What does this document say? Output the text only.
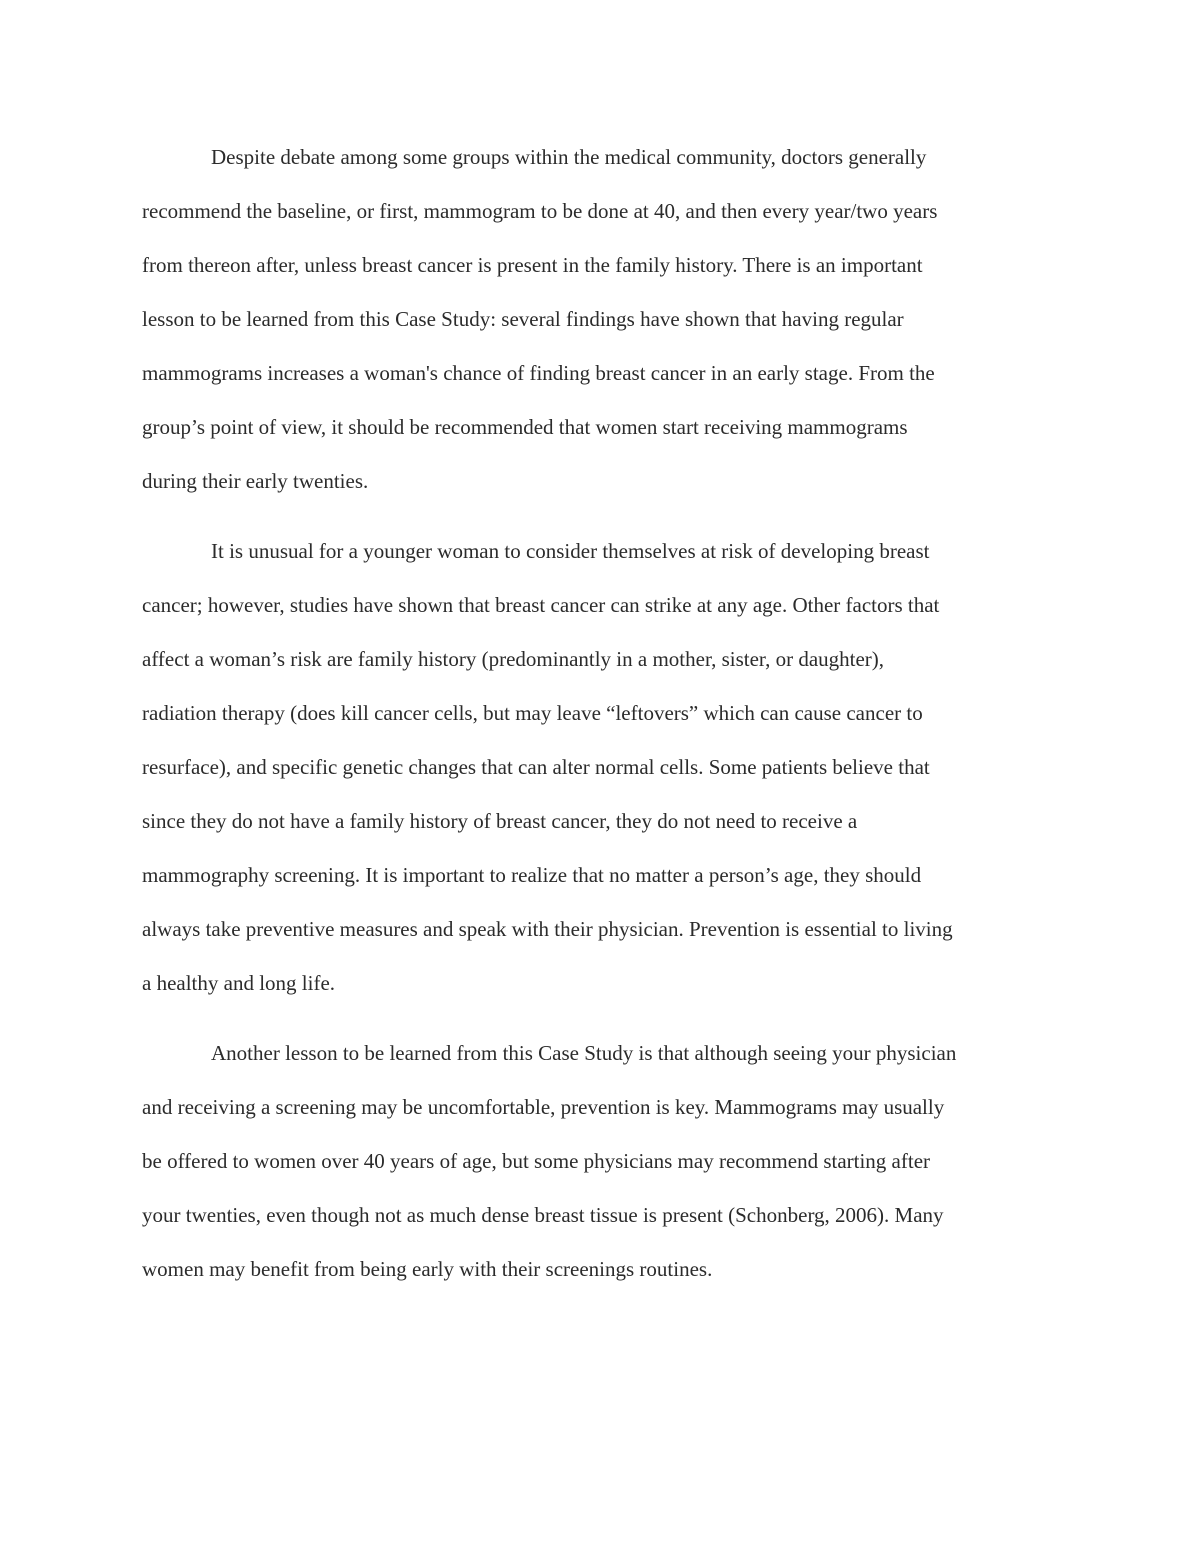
Despite debate among some groups within the medical community, doctors generally
recommend the baseline, or first, mammogram to be done at 40, and then every year/two years
from thereon after, unless breast cancer is present in the family history. There is an important
lesson to be learned from this Case Study: several findings have shown that having regular
mammograms increases a woman's chance of finding breast cancer in an early stage. From the
group’s point of view, it should be recommended that women start receiving mammograms
during their early twenties.
It is unusual for a younger woman to consider themselves at risk of developing breast
cancer; however, studies have shown that breast cancer can strike at any age. Other factors that
affect a woman’s risk are family history (predominantly in a mother, sister, or daughter),
radiation therapy (does kill cancer cells, but may leave “leftovers” which can cause cancer to
resurface), and specific genetic changes that can alter normal cells. Some patients believe that
since they do not have a family history of breast cancer, they do not need to receive a
mammography screening. It is important to realize that no matter a person’s age, they should
always take preventive measures and speak with their physician. Prevention is essential to living
a healthy and long life.
Another lesson to be learned from this Case Study is that although seeing your physician
and receiving a screening may be uncomfortable, prevention is key. Mammograms may usually
be offered to women over 40 years of age, but some physicians may recommend starting after
your twenties, even though not as much dense breast tissue is present (Schonberg, 2006). Many
women may benefit from being early with their screenings routines.
